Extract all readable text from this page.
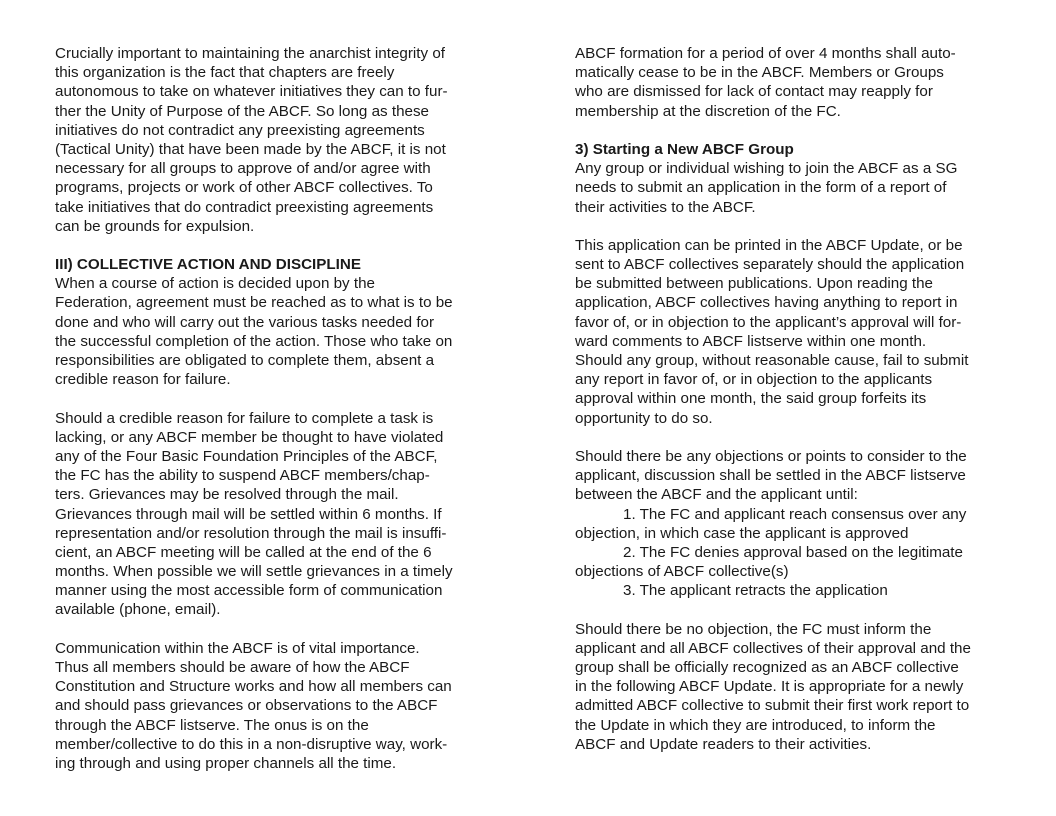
Crucially important to maintaining the anarchist integrity of
this organization is the fact that chapters are freely
autonomous to take on whatever initiatives they can to fur-
ther the Unity of Purpose of the ABCF. So long as these
initiatives do not contradict any preexisting agreements
(Tactical Unity) that have been made by the ABCF, it is not
necessary for all groups to approve of and/or agree with
programs, projects or work of other ABCF collectives. To
take initiatives that do contradict preexisting agreements
can be grounds for expulsion.
III) COLLECTIVE ACTION AND DISCIPLINE
When a course of action is decided upon by the
Federation, agreement must be reached as to what is to be
done and who will carry out the various tasks needed for
the successful completion of the action. Those who take on
responsibilities are obligated to complete them, absent a
credible reason for failure.
Should a credible reason for failure to complete a task is
lacking, or any ABCF member be thought to have violated
any of the Four Basic Foundation Principles of the ABCF,
the FC has the ability to suspend ABCF members/chap-
ters. Grievances may be resolved through the mail.
Grievances through mail will be settled within 6 months. If
representation and/or resolution through the mail is insuffi-
cient, an ABCF meeting will be called at the end of the 6
months. When possible we will settle grievances in a timely
manner using the most accessible form of communication
available (phone, email).
Communication within the ABCF is of vital importance.
Thus all members should be aware of how the ABCF
Constitution and Structure works and how all members can
and should pass grievances or observations to the ABCF
through the ABCF listserve. The onus is on the
member/collective to do this in a non-disruptive way, work-
ing through and using proper channels all the time.
ABCF formation for a period of over 4 months shall auto-
matically cease to be in the ABCF. Members or Groups
who are dismissed for lack of contact may reapply for
membership at the discretion of the FC.
3) Starting a New ABCF Group
Any group or individual wishing to join the ABCF as a SG
needs to submit an application in the form of a report of
their activities to the ABCF.
This application can be printed in the ABCF Update, or be
sent to ABCF collectives separately should the application
be submitted between publications. Upon reading the
application, ABCF collectives having anything to report in
favor of, or in objection to the applicant’s approval will for-
ward comments to ABCF listserve within one month.
Should any group, without reasonable cause, fail to submit
any report in favor of, or in objection to the applicants
approval within one month, the said group forfeits its
opportunity to do so.
Should there be any objections or points to consider to the
applicant, discussion shall be settled in the ABCF listserve
between the ABCF and the applicant until:
1. The FC and applicant reach consensus over any
objection, in which case the applicant is approved
2. The FC denies approval based on the legitimate
objections of ABCF collective(s)
3. The applicant retracts the application
Should there be no objection, the FC must inform the
applicant and all ABCF collectives of their approval and the
group shall be officially recognized as an ABCF collective
in the following ABCF Update. It is appropriate for a newly
admitted ABCF collective to submit their first work report to
the Update in which they are introduced, to inform the
ABCF and Update readers to their activities.
